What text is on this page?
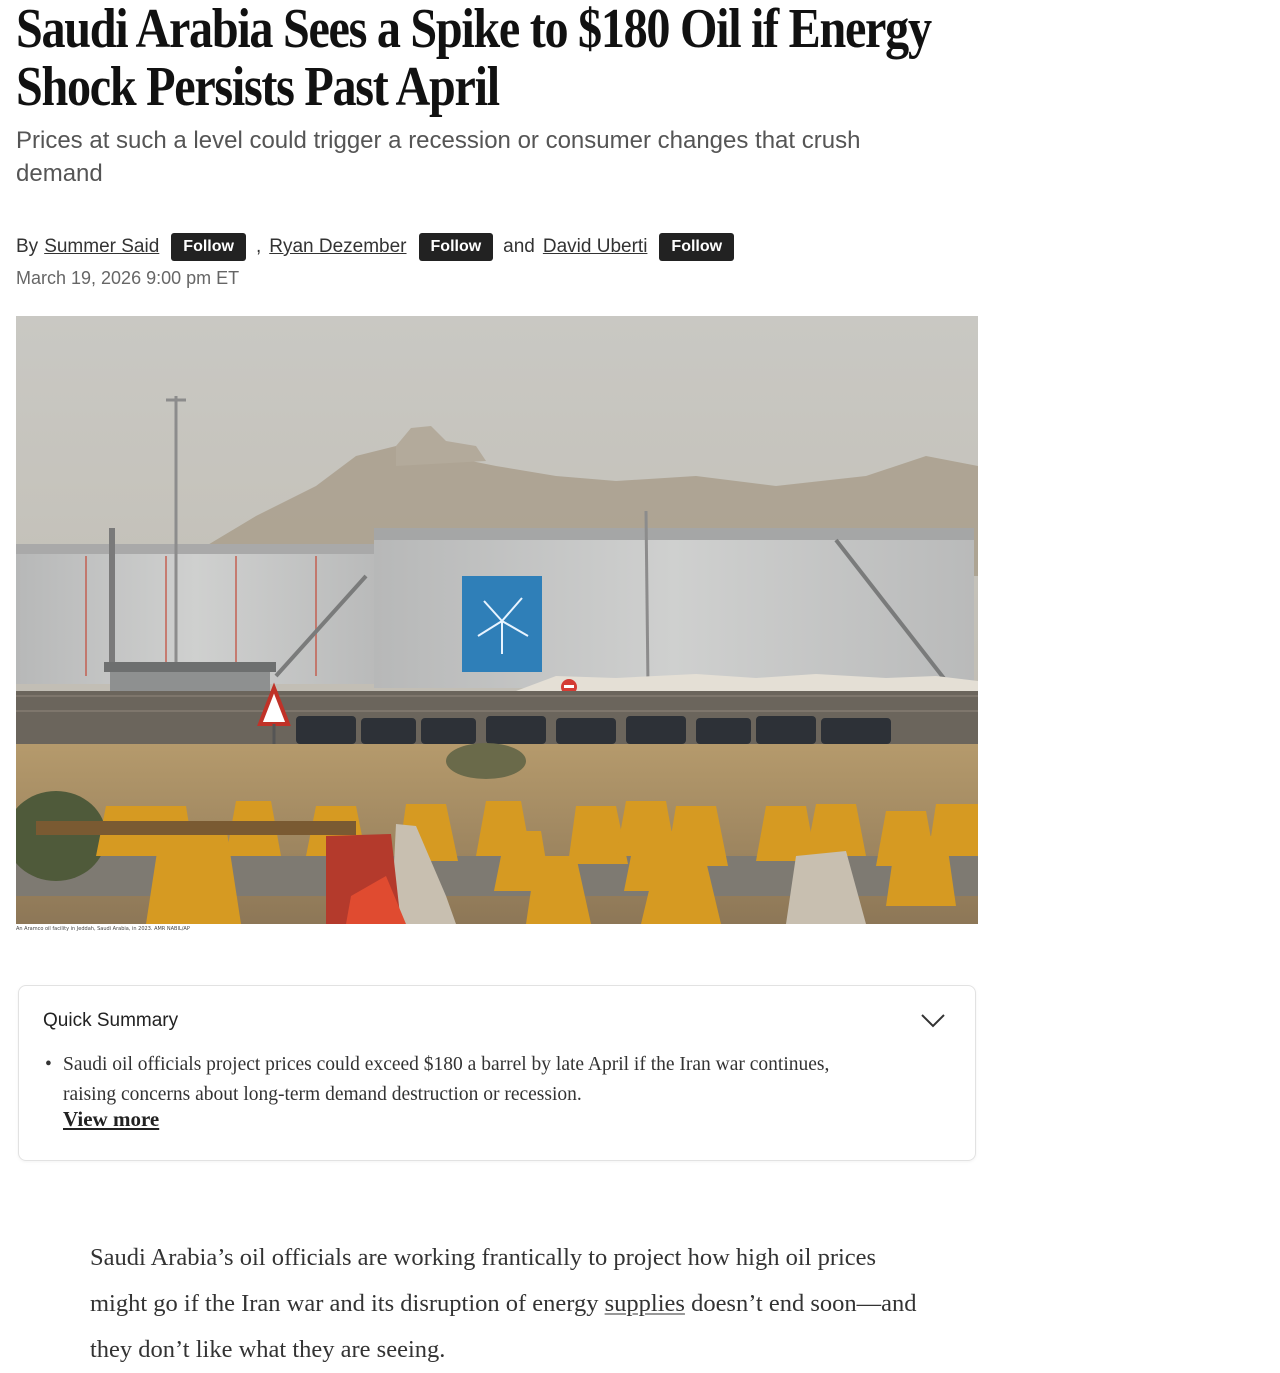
Saudi Arabia Sees a Spike to $180 Oil if Energy Shock Persists Past April

Prices at such a level could trigger a recession or consumer changes that crush demand

By Summer Said	Follow	, Ryan Dezember	Follow	and David Uberti	Follow
March 19, 2026 9:00 pm ET
An Aramco oil facility in Jeddah, Saudi Arabia, in 2023. AMR NABIL/AP
Quick Summary
• Saudi oil officials project prices could exceed $180 a barrel by late April if the Iran war continues, raising concerns about long-term demand destruction or recession.
View more

Saudi Arabia’s oil officials are working frantically to project how high oil prices might go if the Iran war and its disruption of energy supplies doesn’t end soon—and they don’t like what they are seeing.
